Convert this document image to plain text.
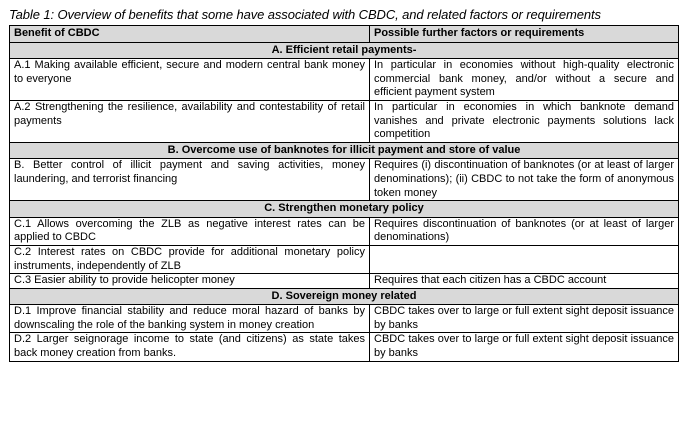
Table 1: Overview of benefits that some have associated with CBDC, and related factors or requirements
Benefit of CBDC	Possible further factors or requirements
A. Efficient retail payments-	
A.1 Making available efficient, secure and modern central bank money to everyone	In particular in economies without high-quality electronic commercial bank money, and/or without a secure and efficient payment system
A.2 Strengthening the resilience, availability and contestability of retail payments	In particular in economies in which banknote demand vanishes and private electronic payments solutions lack competition
B. Overcome use of banknotes for illicit payment and store of value	
B. Better control of illicit payment and saving activities, money laundering, and terrorist financing	Requires (i) discontinuation of banknotes (or at least of larger denominations); (ii) CBDC to not take the form of anonymous token money
C. Strengthen monetary policy	
C.1 Allows overcoming the ZLB as negative interest rates can be applied to CBDC	Requires discontinuation of banknotes (or at least of larger denominations)
C.2 Interest rates on CBDC provide for additional monetary policy instruments, independently of ZLB	
C.3 Easier ability to provide helicopter money	Requires that each citizen has a CBDC account
D. Sovereign money related	
D.1 Improve financial stability and reduce moral hazard of banks by downscaling the role of the banking system in money creation	CBDC takes over to large or full extent sight deposit issuance by banks
D.2 Larger seignorage income to state (and citizens) as state takes back money creation from banks.	CBDC takes over to large or full extent sight deposit issuance by banks
